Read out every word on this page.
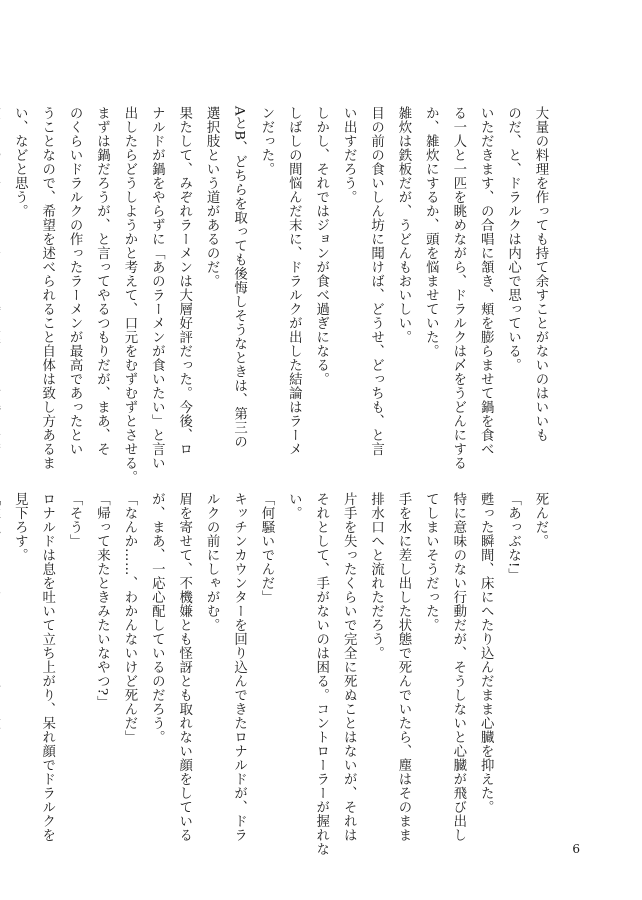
大量の料理を作っても持て余すことがないのはいいも
のだ、と、ドラルクは内心で思っている。
いただきます、の合唱に頷き、頬を膨らませて鍋を食べ
る一人と一匹を眺めながら、ドラルクは〆をうどんにする
か、雑炊にするか、頭を悩ませていた。
雑炊は鉄板だが、うどんもおいしい。
目の前の食いしん坊に聞けば、どうせ、どっちも、と言
い出すだろう。
しかし、それではジョンが食べ過ぎになる。
しばしの間悩んだ末に、ドラルクが出した結論はラーメ
ンだった。
AとB、どちらを取っても後悔しそうなときは、第三の
選択肢という道があるのだ。
果たして、みぞれラーメンは大層好評だった。今後、ロ
ナルドが鍋をやらずに「あのラーメンが食いたい」と言い
出したらどうしようかと考えて、口元をむずむずとさせる。
まずは鍋だろうが、と言ってやるつもりだが、まあ、そ
のくらいドラルクの作ったラーメンが最高であったとい
うことなので、希望を述べられること自体は致し方あるま
い、などと思う。
死んだ。
「あっぶな!」
甦った瞬間、床にへたり込んだまま心臓を抑えた。
特に意味のない行動だが、そうしないと心臓が飛び出し
てしまいそうだった。
手を水に差し出した状態で死んでいたら、塵はそのまま
排水口へと流れただろう。
片手を失ったくらいで完全に死ぬことはないが、それは
それとして、手がないのは困る。コントローラーが握れな
い。
「何騒いでんだ」
キッチンカウンターを回り込んできたロナルドが、ドラ
ルクの前にしゃがむ。
眉を寄せて、不機嫌とも怪訝とも取れない顔をしている
が、まあ、一応心配しているのだろう。
「なんか……、わかんないけど死んだ」
「帰って来たときみたいなやつ?」
「そう」
ロナルドは息を吐いて立ち上がり、呆れ顔でドラルクを
見下ろす。
6
